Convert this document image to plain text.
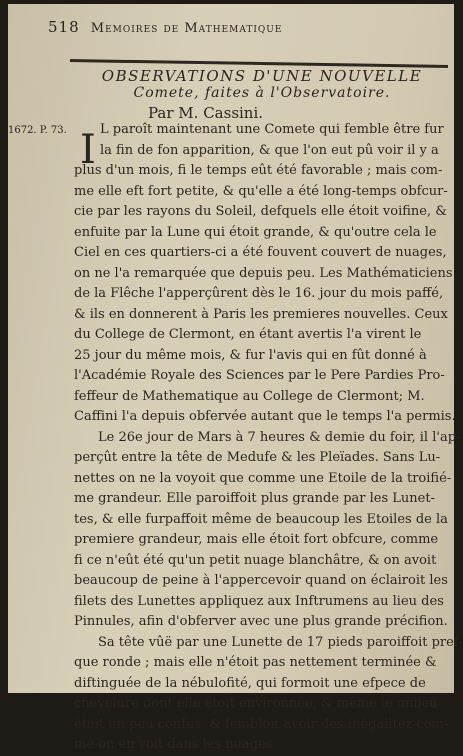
518 Memoires de Mathematique
OBSERVATIONS D'UNE NOUVELLE
Comete, faites à l'Observatoire.
Par M. Cassini.
1672. P. 73. I L paroît maintenant une Comete qui femble être fur
la fin de fon apparition, & que l'on eut pû voir il y a
plus d'un mois, fi le temps eût été favorable ; mais com-
me elle eft fort petite, & qu'elle a été long-temps obfcur-
cie par les rayons du Soleil, defquels elle étoit voifine, &
enfuite par la Lune qui étoit grande, & qu'outre cela le
Ciel en ces quartiers-ci a été fouvent couvert de nuages,
on ne l'a remarquée que depuis peu. Les Mathématiciens
de la Flêche l'apperçûrent dès le 16. jour du mois paffé,
& ils en donnerent à Paris les premieres nouvelles. Ceux
du College de Clermont, en étant avertis l'a virent le
25 jour du même mois, & fur l'avis qui en fût donné à
l'Académie Royale des Sciences par le Pere Pardies Pro-
feffeur de Mathematique au College de Clermont; M.
Caffini l'a depuis obfervée autant que le temps l'a permis.
Le 26e jour de Mars à 7 heures & demie du foir, il l'ap-
perçût entre la tête de Medufe & les Pleïades. Sans Lu-
nettes on ne la voyoit que comme une Etoile de la troifié-
me grandeur. Elle paroiffoit plus grande par les Lunet-
tes, & elle furpaffoit même de beaucoup les Etoiles de la
premiere grandeur, mais elle étoit fort obfcure, comme
fi ce n'eût été qu'un petit nuage blanchâtre, & on avoit
beaucoup de peine à l'appercevoir quand on éclairoit les
filets des Lunettes appliquez aux Inftrumens au lieu des
Pinnules, afin d'obferver avec une plus grande précifion.
Sa tête vûë par une Lunette de 17 pieds paroiffoit pref-
que ronde ; mais elle n'étoit pas nettement terminée &
diftinguée de la nébulofité, qui formoit une efpece de
chevelure dont elle étoit environnée, & même le milieu
étoit un peu confus, & fembloit avoir des inégalitez com-
me on en voit dans les nuages.
